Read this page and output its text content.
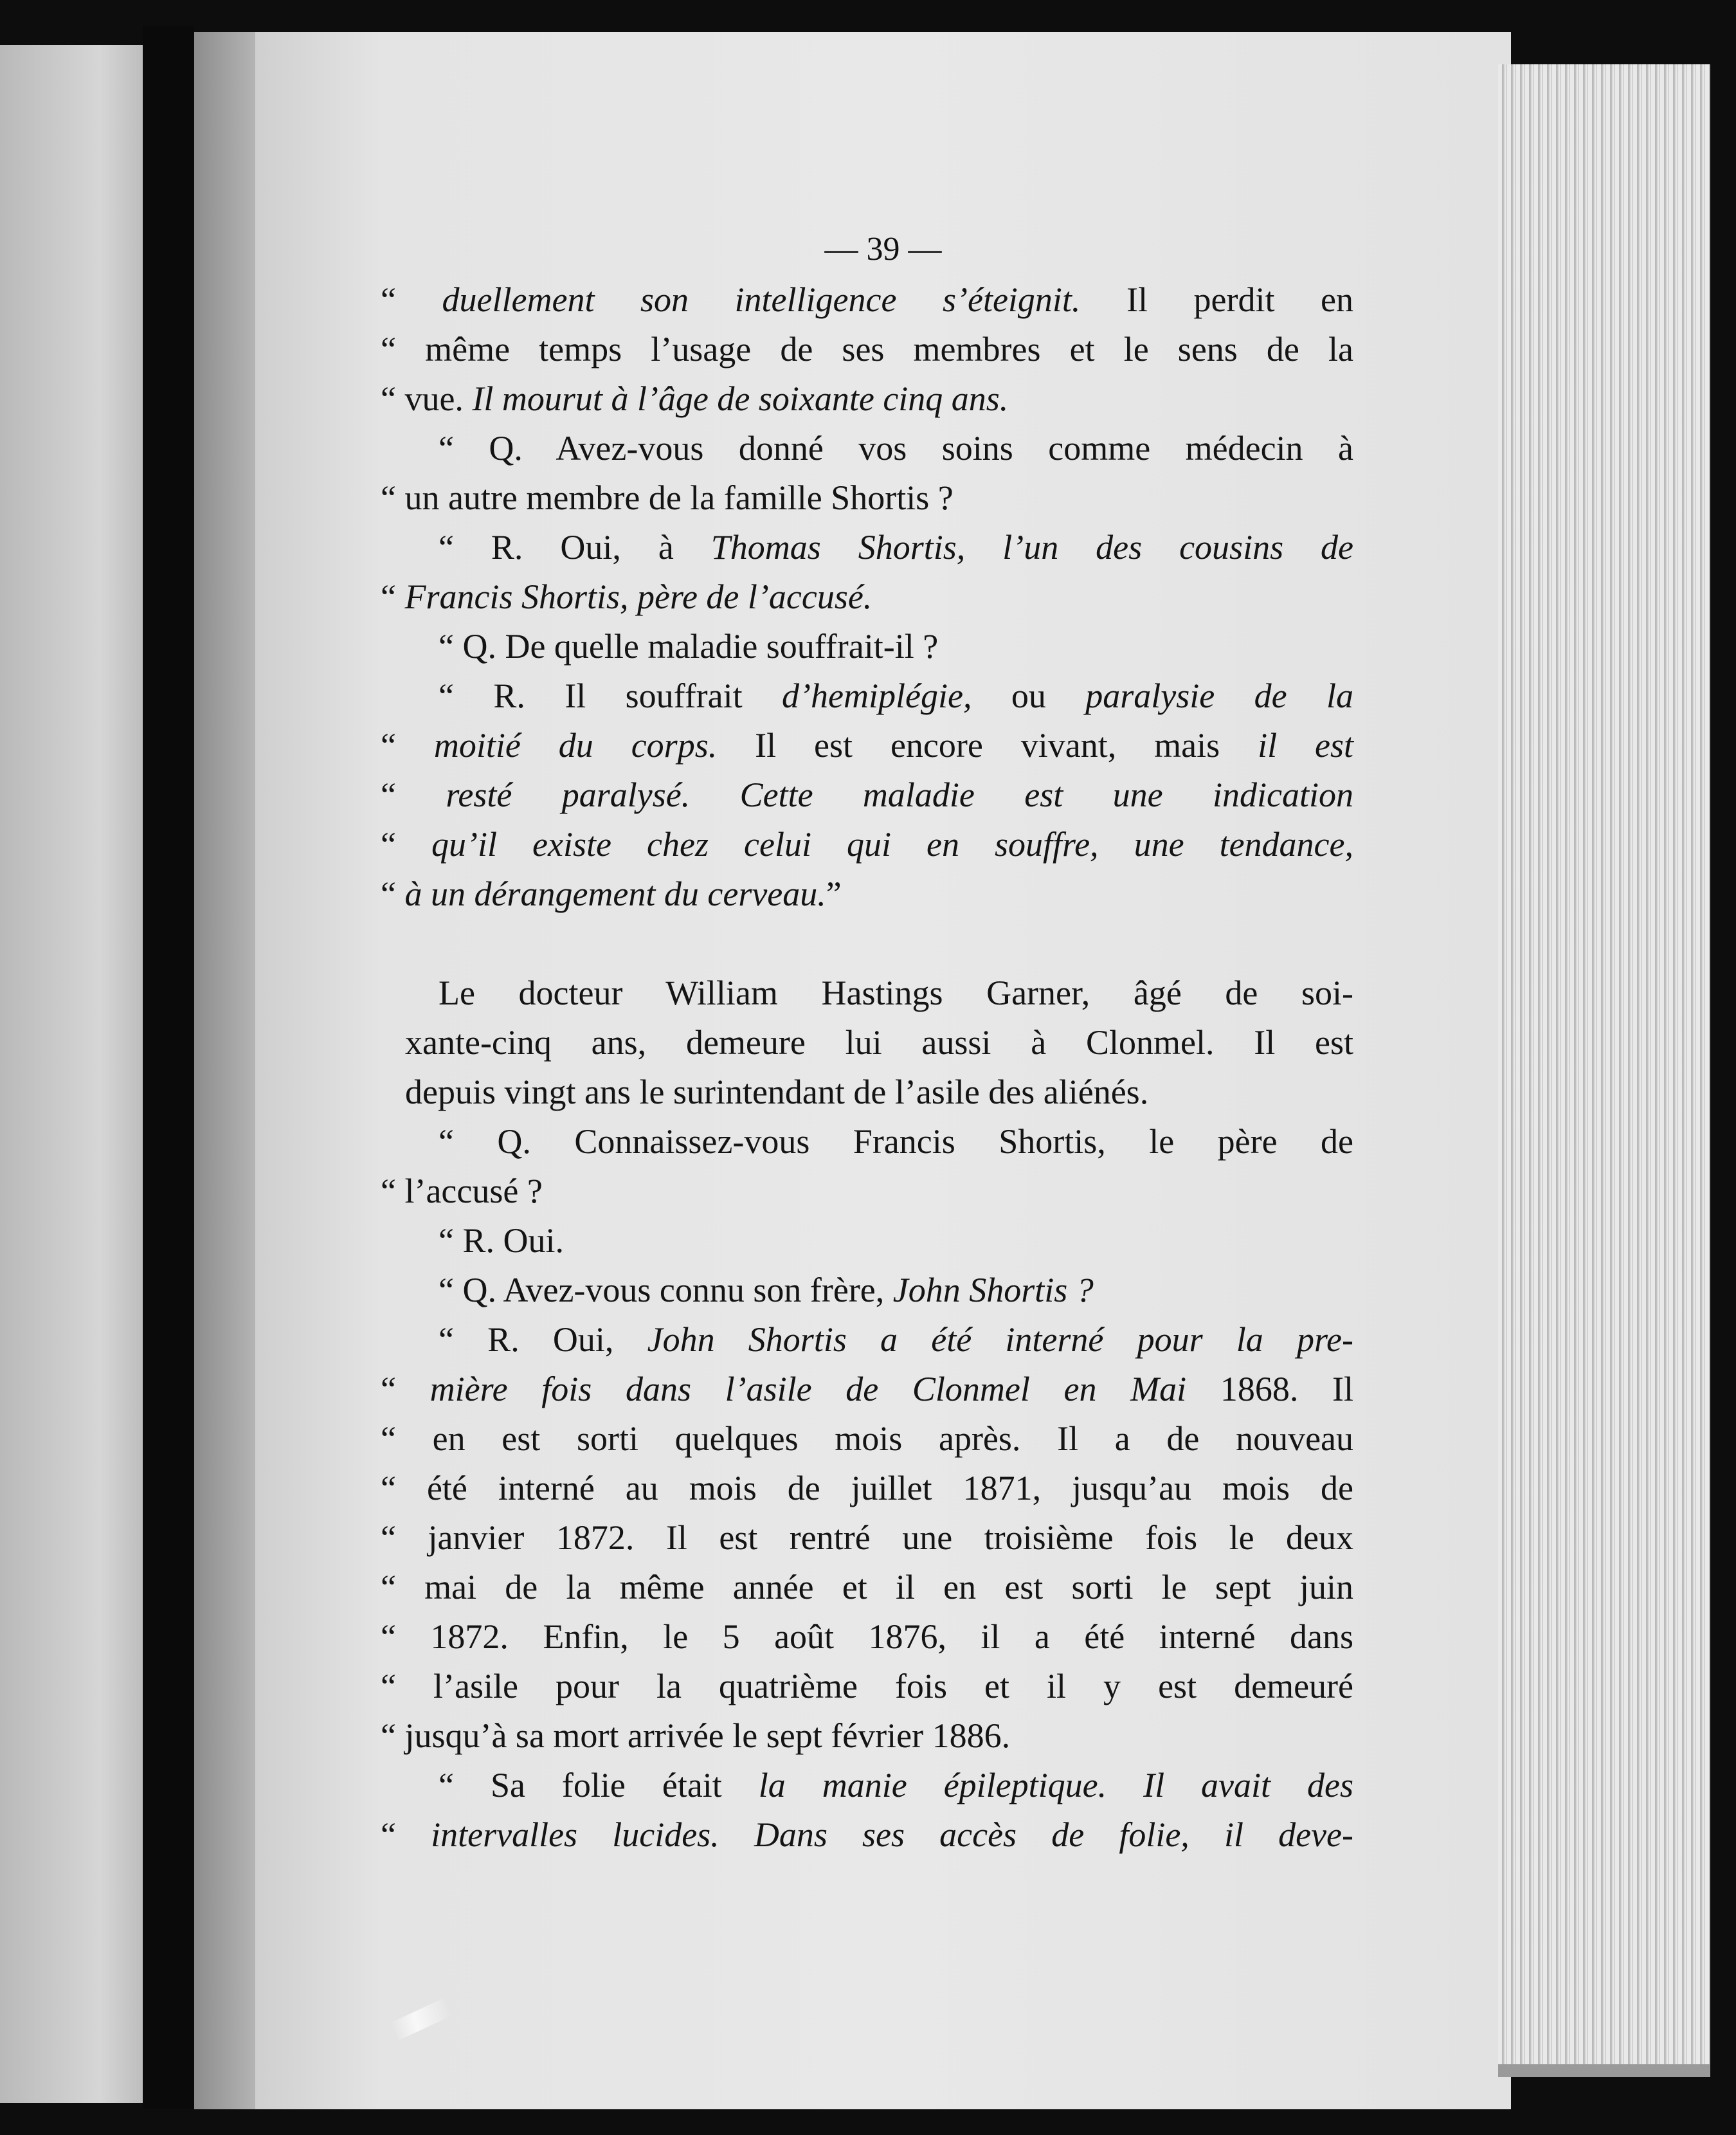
— 39 —
“ duellement son intelligence s’éteignit. Il perdit en
“ même temps l’usage de ses membres et le sens de la
“ vue. Il mourut à l’âge de soixante cinq ans.
“ Q. Avez-vous donné vos soins comme médecin à
“ un autre membre de la famille Shortis ?
“ R. Oui, à Thomas Shortis, l’un des cousins de
“ Francis Shortis, père de l’accusé.
“ Q. De quelle maladie souffrait-il ?
“ R. Il souffrait d’hemiplégie, ou paralysie de la
“ moitié du corps. Il est encore vivant, mais il est
“ resté paralysé. Cette maladie est une indication
“ qu’il existe chez celui qui en souffre, une tendance,
“ à un dérangement du cerveau.”
Le docteur William Hastings Garner, âgé de soi-
xante-cinq ans, demeure lui aussi à Clonmel. Il est
depuis vingt ans le surintendant de l’asile des aliénés.
“ Q. Connaissez-vous Francis Shortis, le père de
“ l’accusé ?
“ R. Oui.
“ Q. Avez-vous connu son frère, John Shortis ?
“ R. Oui, John Shortis a été interné pour la pre-
“ mière fois dans l’asile de Clonmel en Mai 1868. Il
“ en est sorti quelques mois après. Il a de nouveau
“ été interné au mois de juillet 1871, jusqu’au mois de
“ janvier 1872. Il est rentré une troisième fois le deux
“ mai de la même année et il en est sorti le sept juin
“ 1872. Enfin, le 5 août 1876, il a été interné dans
“ l’asile pour la quatrième fois et il y est demeuré
“ jusqu’à sa mort arrivée le sept février 1886.
“ Sa folie était la manie épileptique. Il avait des
“ intervalles lucides. Dans ses accès de folie, il deve-
